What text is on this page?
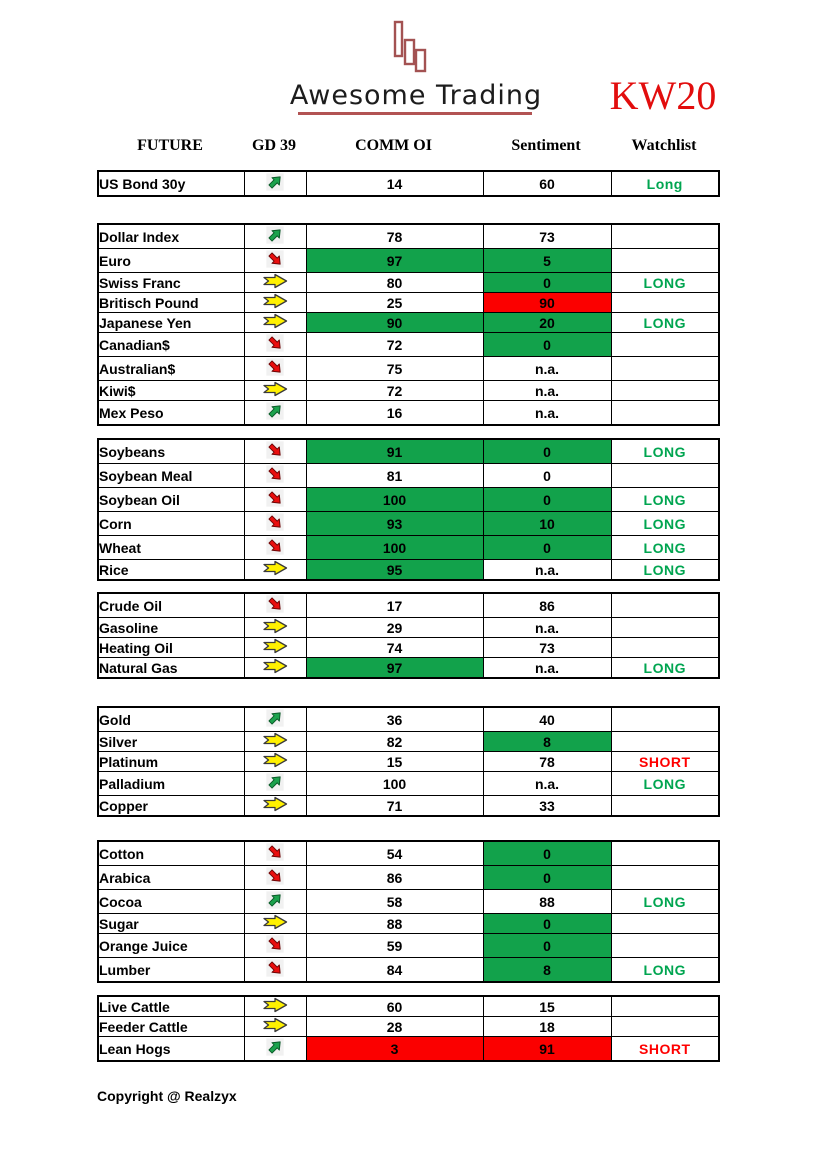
Awesome Trading KW20
FUTURE	GD 39	COMM OI	Sentiment	Watchlist
US Bond 30y		14	60	Long
Dollar Index		78	73	
Euro		97	5	
Swiss Franc		80	0	LONG
Britisch Pound		25	90	
Japanese Yen		90	20	LONG
Canadian$		72	0	
Australian$		75	n.a.	
Kiwi$		72	n.a.	
Mex Peso		16	n.a.	
Soybeans		91	0	LONG
Soybean Meal		81	0	
Soybean Oil		100	0	LONG
Corn		93	10	LONG
Wheat		100	0	LONG
Rice		95	n.a.	LONG
Crude Oil		17	86	
Gasoline		29	n.a.	
Heating Oil		74	73	
Natural Gas		97	n.a.	LONG
Gold		36	40	
Silver		82	8	
Platinum		15	78	SHORT
Palladium		100	n.a.	LONG
Copper		71	33	
Cotton		54	0	
Arabica		86	0	
Cocoa		58	88	LONG
Sugar		88	0	
Orange Juice		59	0	
Lumber		84	8	LONG
Live Cattle		60	15	
Feeder Cattle		28	18	
Lean Hogs		3	91	SHORT
Copyright @ Realzyx
